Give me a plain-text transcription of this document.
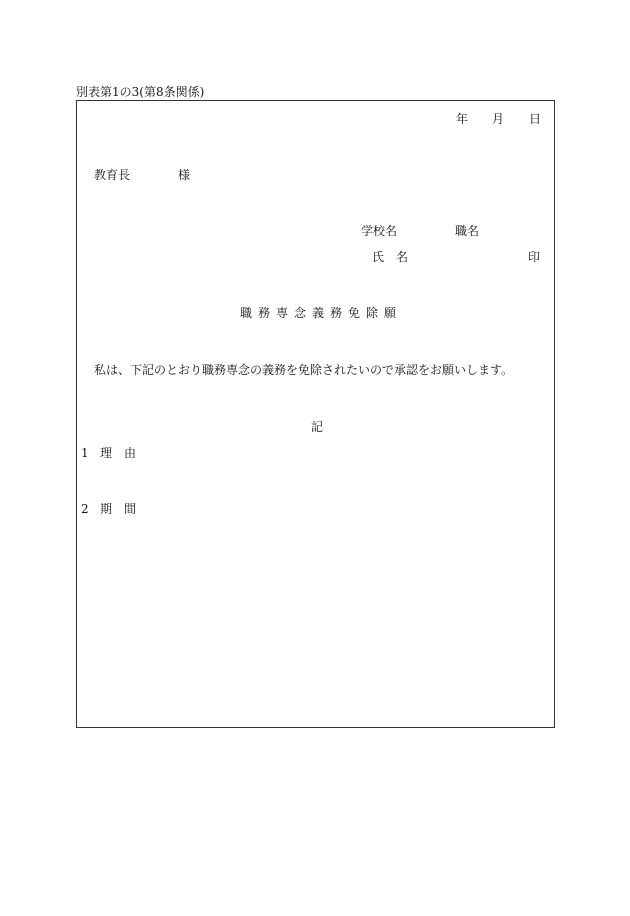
別表第1の3(第8条関係)
年 月 日
教育長	様
学校名	職名
氏 名	印
職務専念義務免除願
私は、下記のとおり職務専念の義務を免除されたいので承認をお願いします。
記
1 理 由
2 期 間
